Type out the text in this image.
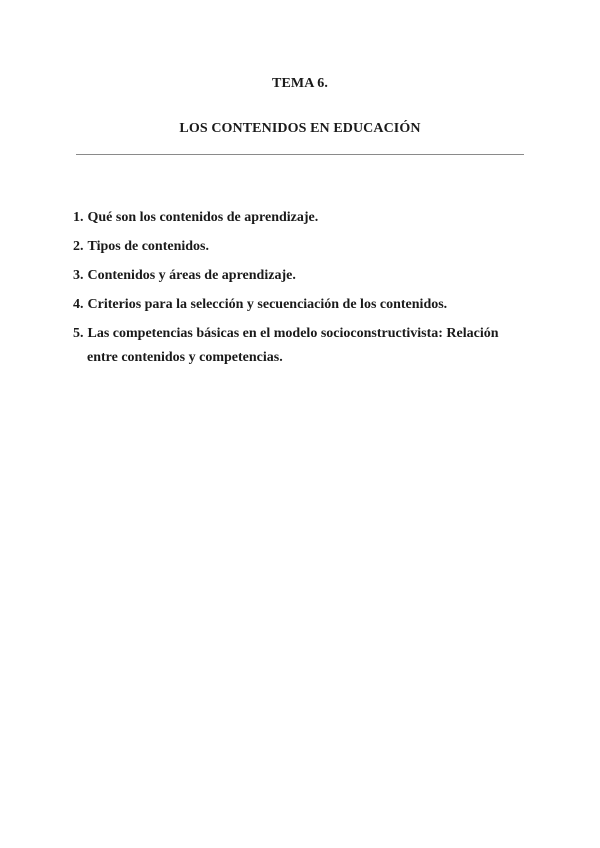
TEMA 6.
LOS CONTENIDOS EN EDUCACIÓN
1. Qué son los contenidos de aprendizaje.
2. Tipos de contenidos.
3. Contenidos y áreas de aprendizaje.
4. Criterios para la selección y secuenciación de los contenidos.
5. Las competencias básicas en el modelo socioconstructivista: Relación
entre contenidos y competencias.
